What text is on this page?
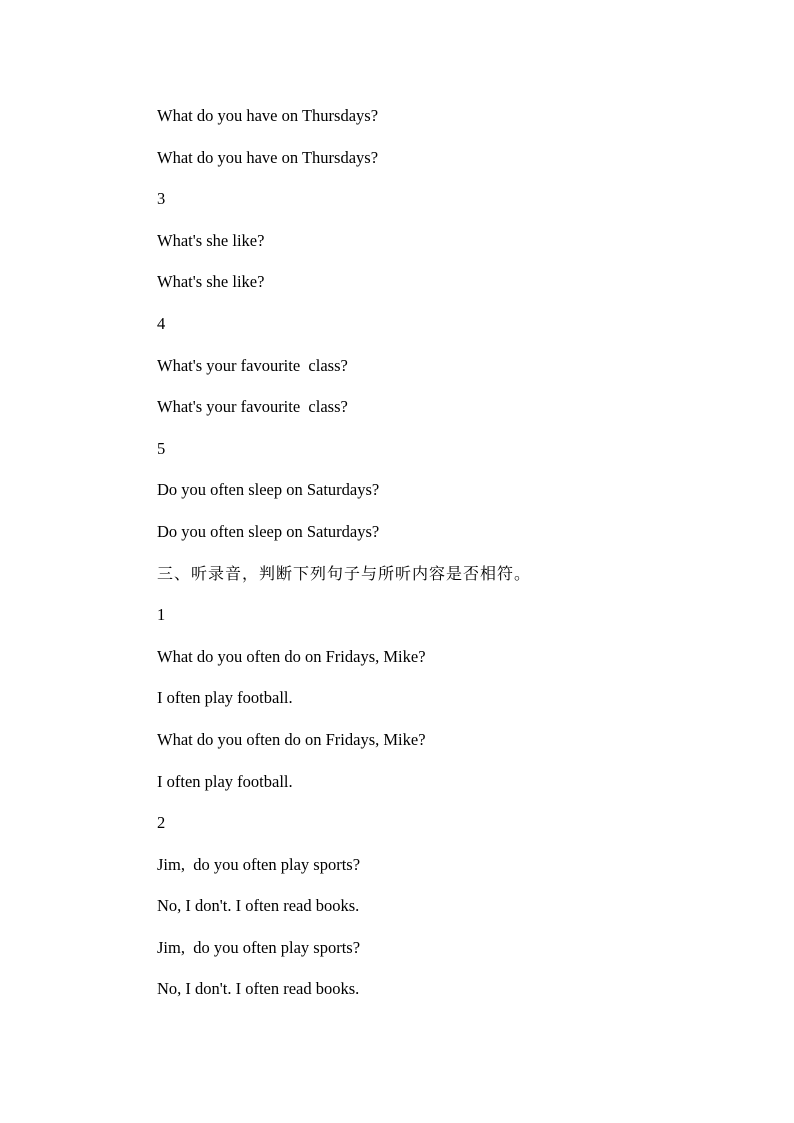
What do you have on Thursdays?
What do you have on Thursdays?
3
What's she like?
What's she like?
4
What's your favourite  class?
What's your favourite  class?
5
Do you often sleep on Saturdays?
Do you often sleep on Saturdays?
三、听录音，判断下列句子与所听内容是否相符。
1
What do you often do on Fridays, Mike?
I often play football.
What do you often do on Fridays, Mike?
I often play football.
2
Jim,  do you often play sports?
No, I don't. I often read books.
Jim,  do you often play sports?
No, I don't. I often read books.
